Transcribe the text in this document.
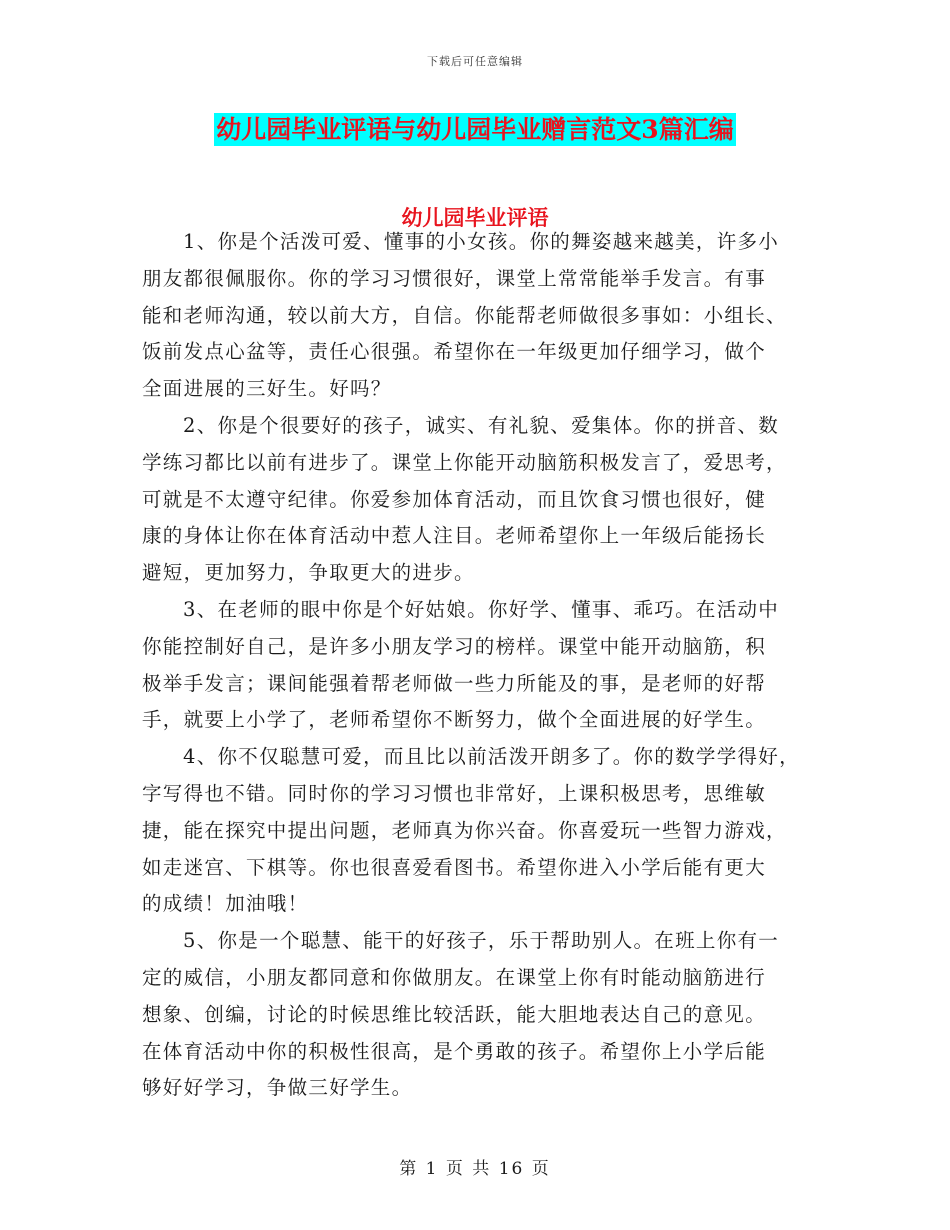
下载后可任意编辑
幼儿园毕业评语与幼儿园毕业赠言范文3篇汇编
幼儿园毕业评语

1、你是个活泼可爱、懂事的小女孩。你的舞姿越来越美，许多小
朋友都很佩服你。你的学习习惯很好，课堂上常常能举手发言。有事
能和老师沟通，较以前大方，自信。你能帮老师做很多事如：小组长、
饭前发点心盆等，责任心很强。希望你在一年级更加仔细学习，做个
全面进展的三好生。好吗？

2、你是个很要好的孩子，诚实、有礼貌、爱集体。你的拼音、数
学练习都比以前有进步了。课堂上你能开动脑筋积极发言了，爱思考，
可就是不太遵守纪律。你爱参加体育活动，而且饮食习惯也很好，健
康的身体让你在体育活动中惹人注目。老师希望你上一年级后能扬长
避短，更加努力，争取更大的进步。

3、在老师的眼中你是个好姑娘。你好学、懂事、乖巧。在活动中
你能控制好自己，是许多小朋友学习的榜样。课堂中能开动脑筋，积
极举手发言；课间能强着帮老师做一些力所能及的事，是老师的好帮
手，就要上小学了，老师希望你不断努力，做个全面进展的好学生。

4、你不仅聪慧可爱，而且比以前活泼开朗多了。你的数学学得好，
字写得也不错。同时你的学习习惯也非常好，上课积极思考，思维敏
捷，能在探究中提出问题，老师真为你兴奋。你喜爱玩一些智力游戏，
如走迷宫、下棋等。你也很喜爱看图书。希望你进入小学后能有更大
的成绩！加油哦！

5、你是一个聪慧、能干的好孩子，乐于帮助别人。在班上你有一
定的威信，小朋友都同意和你做朋友。在课堂上你有时能动脑筋进行
想象、创编，讨论的时候思维比较活跃，能大胆地表达自己的意见。
在体育活动中你的积极性很高，是个勇敢的孩子。希望你上小学后能
够好好学习，争做三好学生。

第 1 页 共 16 页
